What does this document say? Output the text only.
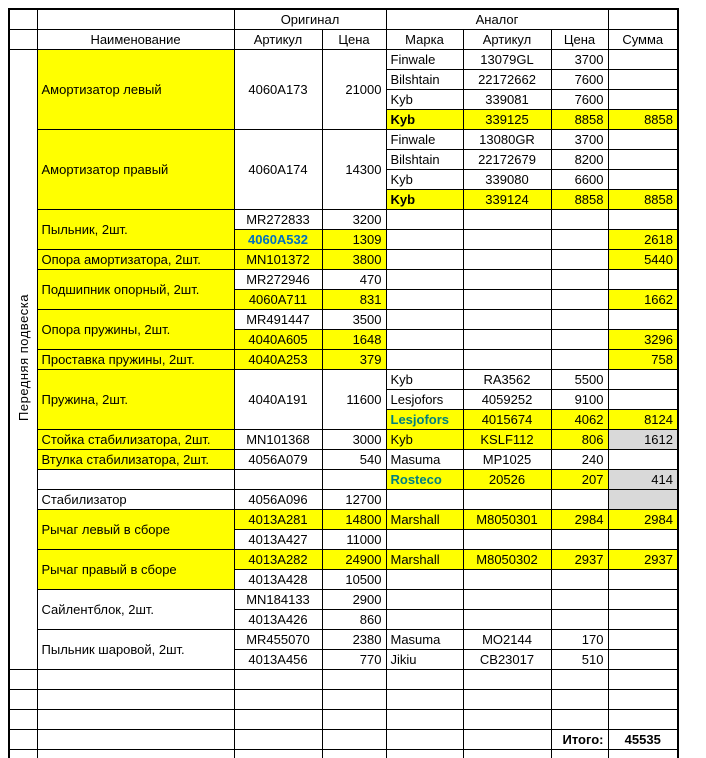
		Оригинал		Аналог			
	Наименование	Артикул	Цена	Марка	Артикул	Цена	Сумма
Передняя подвеска	Амортизатор левый	4060A173	21000	Finwale	13079GL	3700	
				Bilshtain	22172662	7600	
				Kyb	339081	7600	
				Kyb	339125	8858	8858
	Амортизатор правый	4060A174	14300	Finwale	13080GR	3700	
				Bilshtain	22172679	8200	
				Kyb	339080	6600	
				Kyb	339124	8858	8858
	Пыльник, 2шт.	MR272833	3200				
		4060A532	1309				2618
	Опора амортизатора, 2шт.	MN101372	3800				5440
	Подшипник опорный, 2шт.	MR272946	470				
		4060A711	831				1662
	Опора пружины, 2шт.	MR491447	3500				
		4040A605	1648				3296
	Проставка пружины, 2шт.	4040A253	379				758
	Пружина, 2шт.	4040A191	11600	Kyb	RA3562	5500	
				Lesjofors	4059252	9100	
				Lesjofors	4015674	4062	8124
	Стойка стабилизатора, 2шт.	MN101368	3000	Kyb	KSLF112	806	1612
	Втулка стабилизатора, 2шт.	4056A079	540	Masuma	MP1025	240	
				Rosteco	20526	207	414
	Стабилизатор	4056A096	12700				
	Рычаг левый в сборе	4013A281	14800	Marshall	M8050301	2984	2984
		4013A427	11000				
	Рычаг правый в сборе	4013A282	24900	Marshall	M8050302	2937	2937
		4013A428	10500				
	Сайлентблок, 2шт.	MN184133	2900				
		4013A426	860				
	Пыльник шаровой, 2шт.	MR455070	2380	Masuma	MO2144	170	
		4013A456	770	Jikiu	CB23017	510	

						Итого:	45535
